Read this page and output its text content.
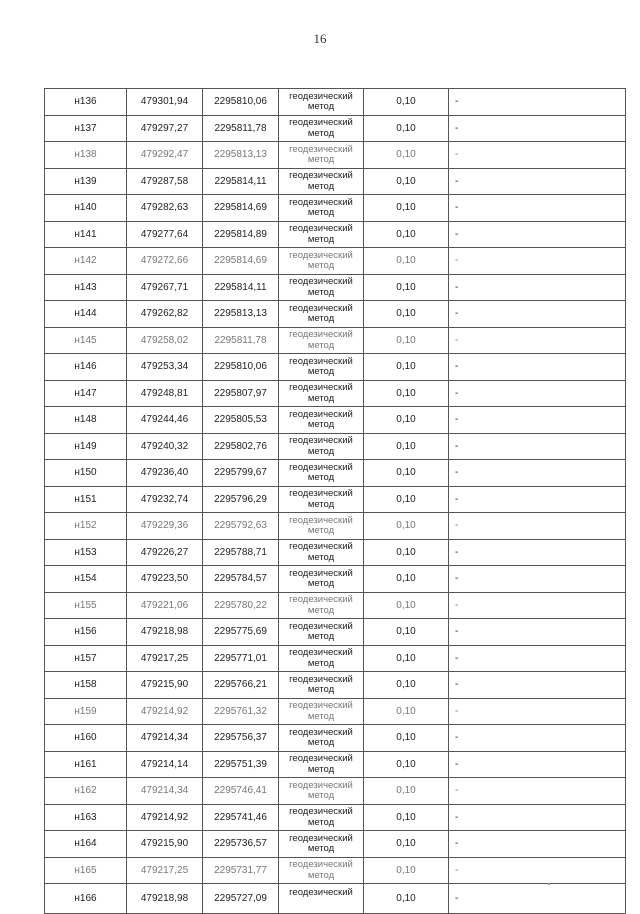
16
н136	479301,94	2295810,06	геодезический метод	0,10	-
н137	479297,27	2295811,78	геодезический метод	0,10	-
н138	479292,47	2295813,13	геодезический метод	0,10	-
н139	479287,58	2295814,11	геодезический метод	0,10	-
н140	479282,63	2295814,69	геодезический метод	0,10	-
н141	479277,64	2295814,89	геодезический метод	0,10	-
н142	479272,66	2295814,69	геодезический метод	0,10	-
н143	479267,71	2295814,11	геодезический метод	0,10	-
н144	479262,82	2295813,13	геодезический метод	0,10	-
н145	479258,02	2295811,78	геодезический метод	0,10	-
н146	479253,34	2295810,06	геодезический метод	0,10	-
н147	479248,81	2295807,97	геодезический метод	0,10	-
н148	479244,46	2295805,53	геодезический метод	0,10	-
н149	479240,32	2295802,76	геодезический метод	0,10	-
н150	479236,40	2295799,67	геодезический метод	0,10	-
н151	479232,74	2295796,29	геодезический метод	0,10	-
н152	479229,36	2295792,63	геодезический метод	0,10	-
н153	479226,27	2295788,71	геодезический метод	0,10	-
н154	479223,50	2295784,57	геодезический метод	0,10	-
н155	479221,06	2295780,22	геодезический метод	0,10	-
н156	479218,98	2295775,69	геодезический метод	0,10	-
н157	479217,25	2295771,01	геодезический метод	0,10	-
н158	479215,90	2295766,21	геодезический метод	0,10	-
н159	479214,92	2295761,32	геодезический метод	0,10	-
н160	479214,34	2295756,37	геодезический метод	0,10	-
н161	479214,14	2295751,39	геодезический метод	0,10	-
н162	479214,34	2295746,41	геодезический метод	0,10	-
н163	479214,92	2295741,46	геодезический метод	0,10	-
н164	479215,90	2295736,57	геодезический метод	0,10	-
н165	479217,25	2295731,77	геодезический метод	0,10	-
н166	479218,98	2295727,09	геодезический	0,10	-
